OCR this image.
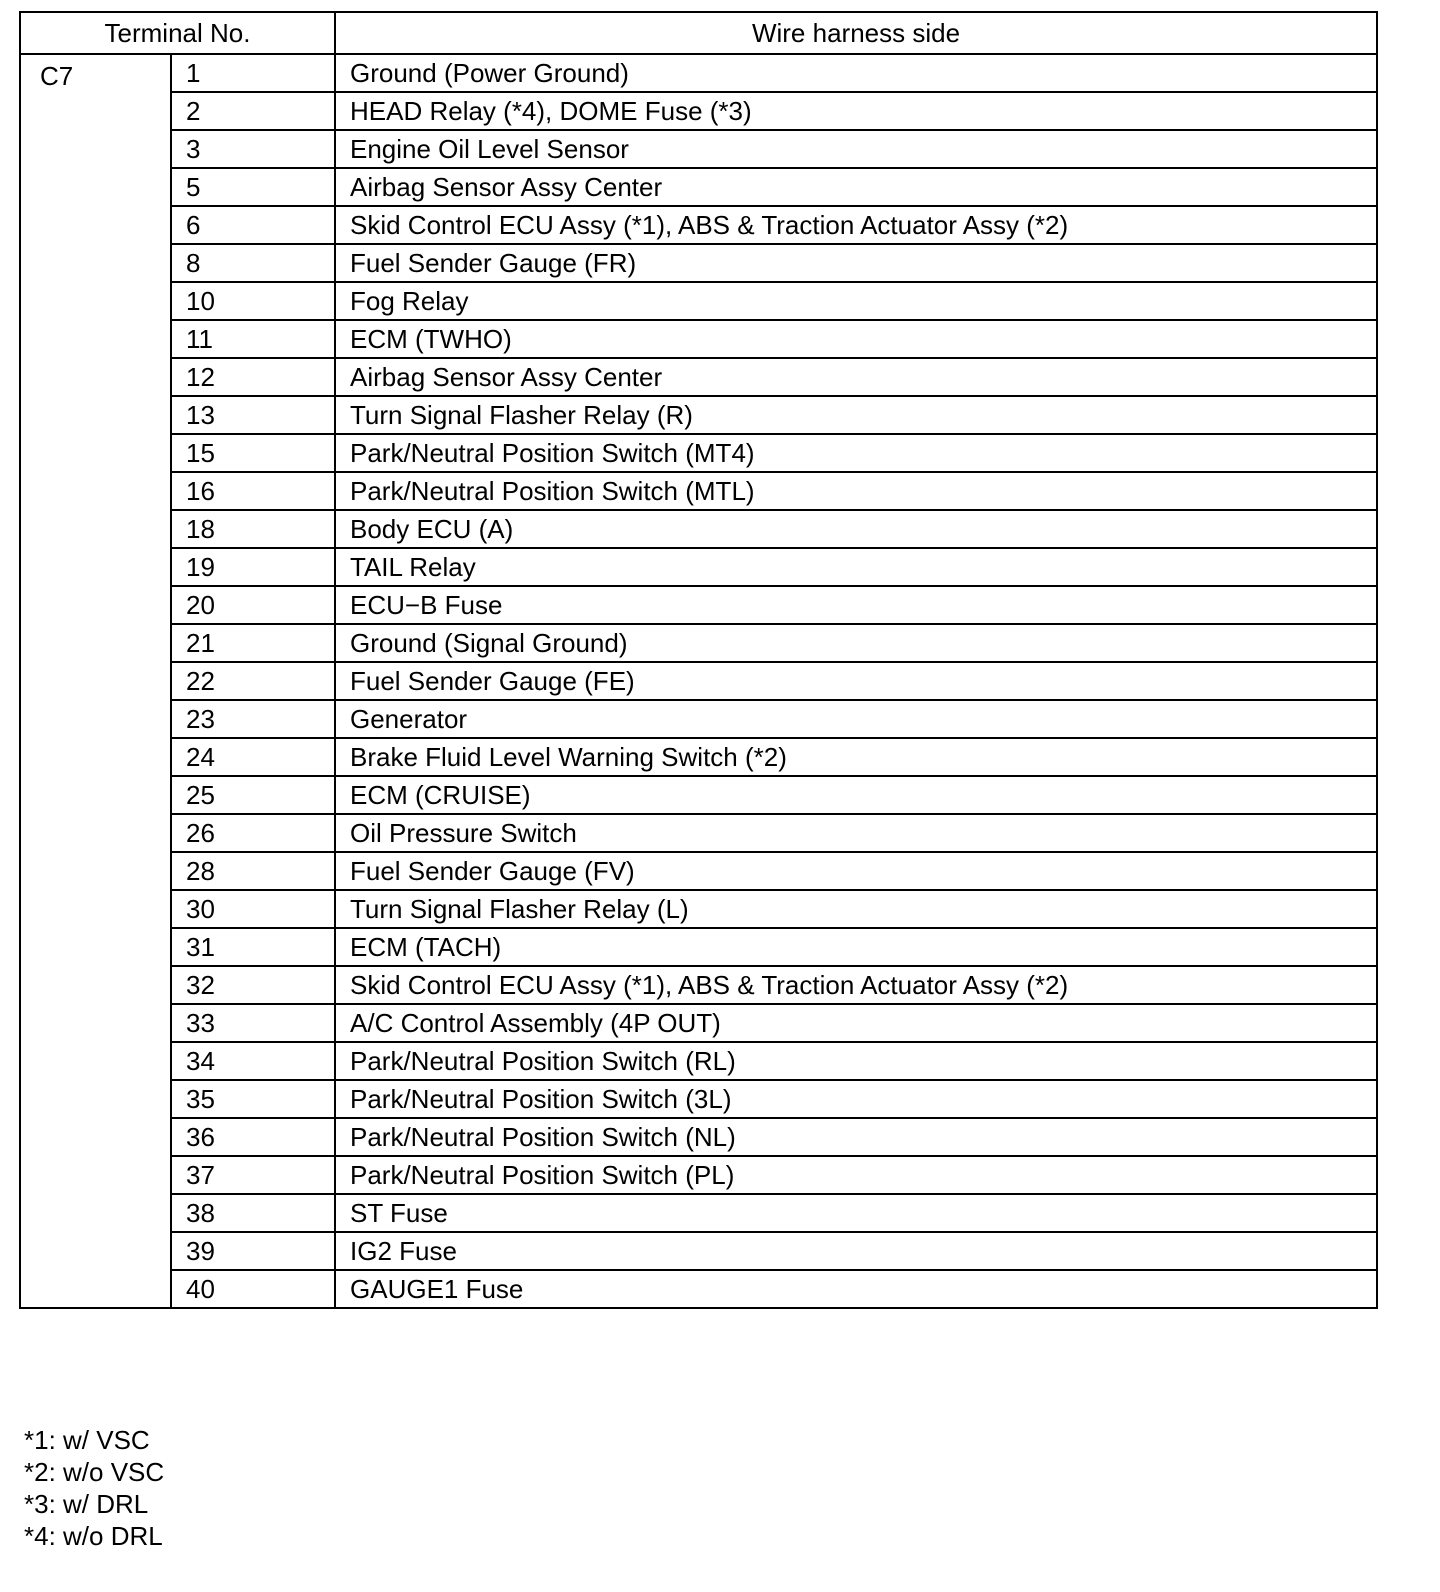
Terminal No.		Wire harness side
C7	1	Ground (Power Ground)
	2	HEAD Relay (*4), DOME Fuse (*3)
	3	Engine Oil Level Sensor
	5	Airbag Sensor Assy Center
	6	Skid Control ECU Assy (*1), ABS & Traction Actuator Assy (*2)
	8	Fuel Sender Gauge (FR)
	10	Fog Relay
	11	ECM (TWHO)
	12	Airbag Sensor Assy Center
	13	Turn Signal Flasher Relay (R)
	15	Park/Neutral Position Switch (MT4)
	16	Park/Neutral Position Switch (MTL)
	18	Body ECU (A)
	19	TAIL Relay
	20	ECU−B Fuse
	21	Ground (Signal Ground)
	22	Fuel Sender Gauge (FE)
	23	Generator
	24	Brake Fluid Level Warning Switch (*2)
	25	ECM (CRUISE)
	26	Oil Pressure Switch
	28	Fuel Sender Gauge (FV)
	30	Turn Signal Flasher Relay (L)
	31	ECM (TACH)
	32	Skid Control ECU Assy (*1), ABS & Traction Actuator Assy (*2)
	33	A/C Control Assembly (4P OUT)
	34	Park/Neutral Position Switch (RL)
	35	Park/Neutral Position Switch (3L)
	36	Park/Neutral Position Switch (NL)
	37	Park/Neutral Position Switch (PL)
	38	ST Fuse
	39	IG2 Fuse
	40	GAUGE1 Fuse
*1: w/ VSC
*2: w/o VSC
*3: w/ DRL
*4: w/o DRL
